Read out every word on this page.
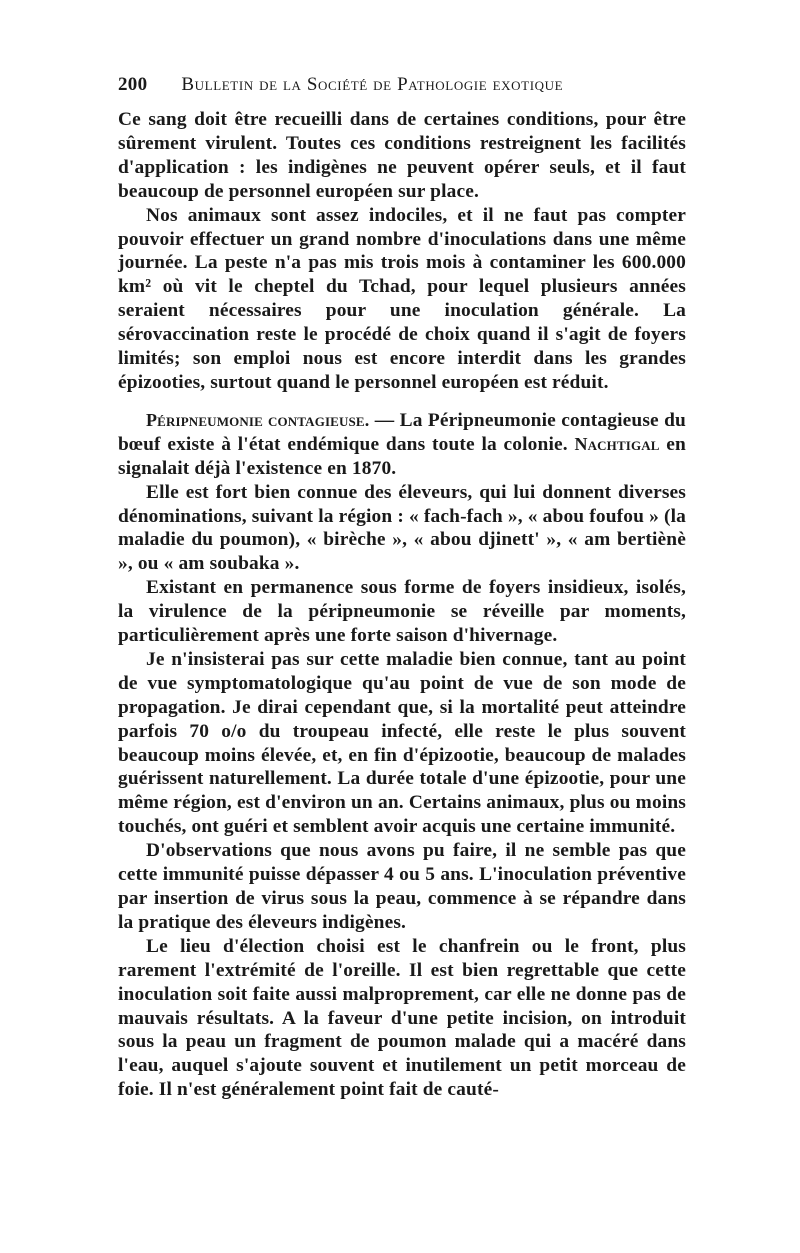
200 Bulletin de la Société de Pathologie exotique

Ce sang doit être recueilli dans de certaines conditions, pour être sûrement virulent. Toutes ces conditions restreignent les facilités d'application : les indigènes ne peuvent opérer seuls, et il faut beaucoup de personnel européen sur place.

Nos animaux sont assez indociles, et il ne faut pas compter pouvoir effectuer un grand nombre d'inoculations dans une même journée. La peste n'a pas mis trois mois à contaminer les 600.000 km² où vit le cheptel du Tchad, pour lequel plusieurs années seraient nécessaires pour une inoculation générale. La sérovaccination reste le procédé de choix quand il s'agit de foyers limités; son emploi nous est encore interdit dans les grandes épizooties, surtout quand le personnel européen est réduit.

Péripneumonie contagieuse. — La Péripneumonie contagieuse du bœuf existe à l'état endémique dans toute la colonie. Nachtigal en signalait déjà l'existence en 1870.

Elle est fort bien connue des éleveurs, qui lui donnent diverses dénominations, suivant la région : « fach-fach », « abou foufou » (la maladie du poumon), « birèche », « abou djinett' », « am bertiènè », ou « am soubaka ».

Existant en permanence sous forme de foyers insidieux, isolés, la virulence de la péripneumonie se réveille par moments, particulièrement après une forte saison d'hivernage.

Je n'insisterai pas sur cette maladie bien connue, tant au point de vue symptomatologique qu'au point de vue de son mode de propagation. Je dirai cependant que, si la mortalité peut atteindre parfois 70 o/o du troupeau infecté, elle reste le plus souvent beaucoup moins élevée, et, en fin d'épizootie, beaucoup de malades guérissent naturellement. La durée totale d'une épizootie, pour une même région, est d'environ un an. Certains animaux, plus ou moins touchés, ont guéri et semblent avoir acquis une certaine immunité.

D'observations que nous avons pu faire, il ne semble pas que cette immunité puisse dépasser 4 ou 5 ans. L'inoculation préventive par insertion de virus sous la peau, commence à se répandre dans la pratique des éleveurs indigènes.

Le lieu d'élection choisi est le chanfrein ou le front, plus rarement l'extrémité de l'oreille. Il est bien regrettable que cette inoculation soit faite aussi malproprement, car elle ne donne pas de mauvais résultats. A la faveur d'une petite incision, on introduit sous la peau un fragment de poumon malade qui a macéré dans l'eau, auquel s'ajoute souvent et inutilement un petit morceau de foie. Il n'est généralement point fait de cauté-
